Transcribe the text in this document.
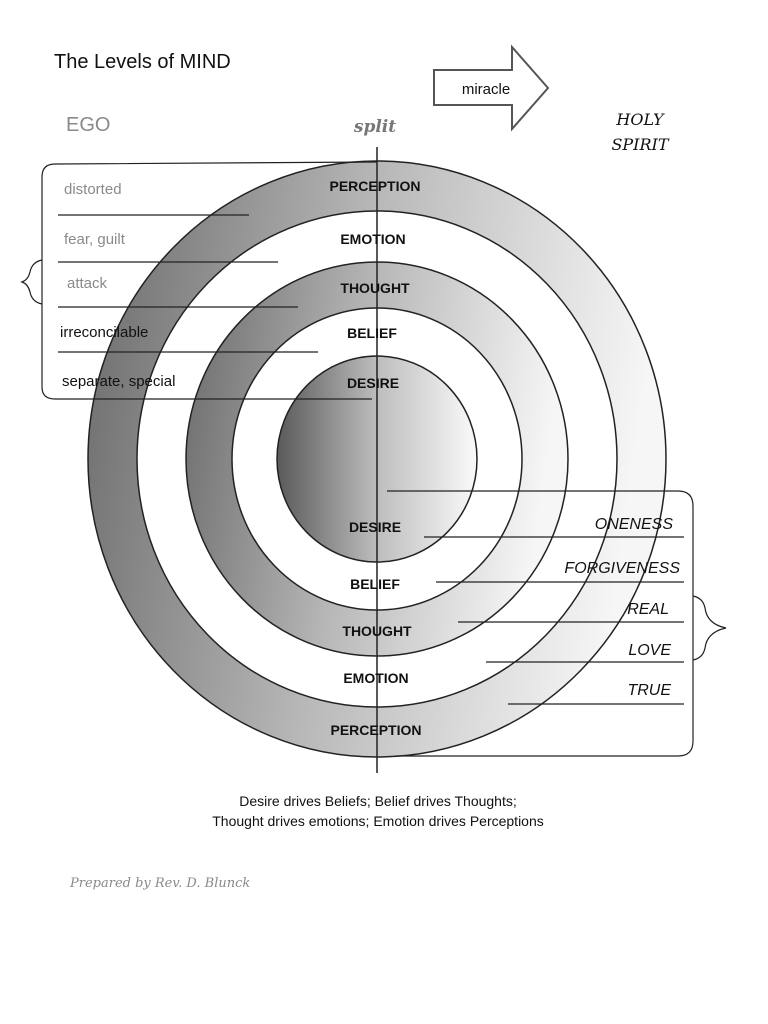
The Levels of MIND
EGO	split
miracle
HOLY
SPIRIT
PERCEPTION
EMOTION
THOUGHT
BELIEF
DESIRE
DESIRE
BELIEF
THOUGHT
EMOTION
PERCEPTION
distorted
fear, guilt
attack
irreconcilable
separate, special
ONENESS
FORGIVENESS
REAL
LOVE
TRUE
Desire drives Beliefs; Belief drives Thoughts;
Thought drives emotions; Emotion drives Perceptions
Prepared by Rev. D. Blunck
